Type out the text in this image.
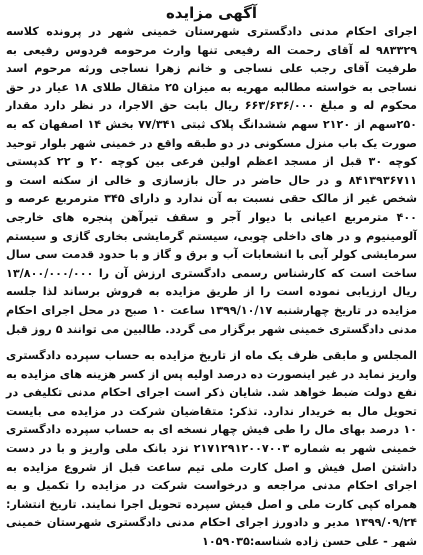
آگهی مزایده

اجرای احکام مدنی دادگستری شهرستان خمینی شهر در پرونده کلاسه ۹۸۳۳۲۹ له آقای رحمت اله رفیعی تنها وارث مرحومه فردوس رفیعی به طرفیت آقای رجب علی نساجی و خانم زهرا نساجی ورثه مرحوم اسد نساجی به خواسته مطالبه مهریه به میزان ۲۵ مثقال طلای ۱۸ عیار در حق محکوم له و مبلغ ۶۶۳/۶۳۶/۰۰۰ ریال بابت حق الاجرا، در نظر دارد مقدار ۲۵۰سهم از ۲۱۲۰ سهم ششدانگ پلاک ثبتی ۷۷/۳۴۱ بخش ۱۴ اصفهان که به صورت یک باب منزل مسکونی در دو طبقه واقع در خمینی شهر بلوار توحید کوچه ۳۰ قبل از مسجد اعظم اولین فرعی بین کوچه ۲۰ و ۲۲ کدپستی ۸۴۱۳۹۳۶۷۱۱ و در حال حاضر در حال بازسازی و خالی از سکنه است و شخص غیر از مالک حقی نسبت به آن ندارد و دارای ۳۴۵ مترمربع عرصه و ۴۰۰ مترمربع اعیانی با دیوار آجر و سقف تیرآهن پنجره های خارجی آلومینیوم و در های داخلی چوبی، سیستم گرمایشی بخاری گازی و سیستم سرمایشی کولر آبی با انشعابات آب و برق و گاز و با حدود قدمت سی سال ساخت است که کارشناس رسمی دادگستری ارزش آن را ۱۳/۸۰۰/۰۰۰/۰۰۰ ریال ارزیابی نموده است را از طریق مزایده به فروش برساند لذا جلسه مزایده در تاریخ چهارشنبه ۱۳۹۹/۱۰/۱۷ ساعت ۱۰ صبح در محل اجرای احکام مدنی دادگستری خمینی شهر برگزار می گردد. طالبین می توانند ۵ روز قبل

المجلس و مابقی ظرف یک ماه از تاریخ مزایده به حساب سپرده دادگستری واریز نماید در غیر اینصورت ده درصد اولیه پس از کسر هزینه های مزایده به نفع دولت ضبط خواهد شد. شایان ذکر است اجرای احکام مدنی تکلیفی در تحویل مال به خریدار ندارد. تذکر: متقاضیان شرکت در مزایده می بایست ۱۰ درصد بهای مال را طی فیش چهار نسخه ای به حساب سپرده دادگستری خمینی شهر به شماره ۲۱۷۱۲۹۱۲۰۰۷۰۰۳ نزد بانک ملی واریز و با در دست داشتن اصل فیش و اصل کارت ملی تیم ساعت قبل از شروع مزایده به اجرای احکام مدنی مراجعه و درخواست شرکت در مزایده را تکمیل و به همراه کپی کارت ملی و اصل فیش سپرده تحویل اجرا نمایند. تاریخ انتشار: ۱۳۹۹/۰۹/۲۴ مدیر و دادورز اجرای احکام مدنی دادگستری شهرستان خمینی شهر - علی حسن زاده شناسه:۱۰۵۹۰۳۵
